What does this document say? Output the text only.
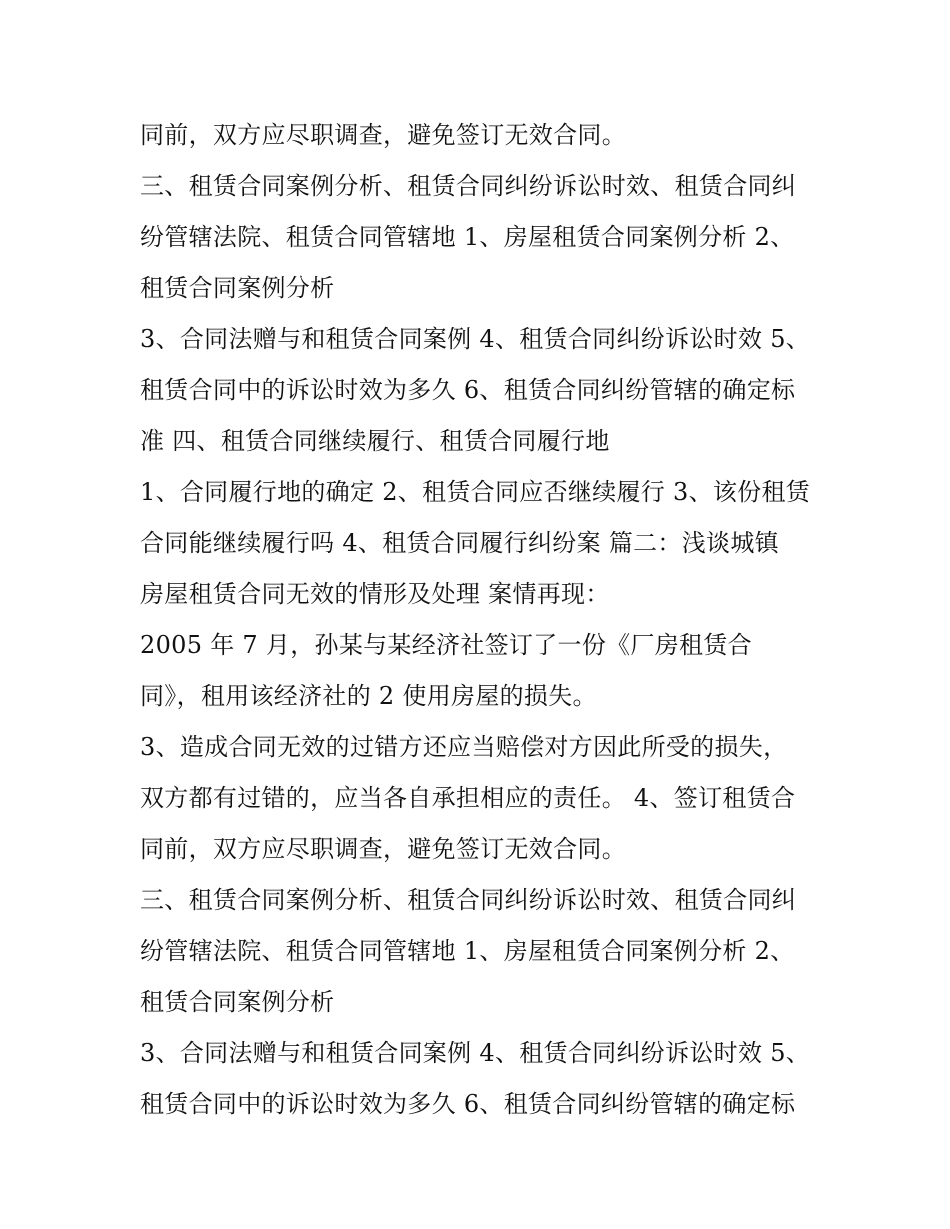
同前，双方应尽职调查，避免签订无效合同。
三、租赁合同案例分析、租赁合同纠纷诉讼时效、租赁合同纠
纷管辖法院、租赁合同管辖地 1、房屋租赁合同案例分析 2、
租赁合同案例分析
3、合同法赠与和租赁合同案例 4、租赁合同纠纷诉讼时效 5、
租赁合同中的诉讼时效为多久 6、租赁合同纠纷管辖的确定标
准 四、租赁合同继续履行、租赁合同履行地
1、合同履行地的确定 2、租赁合同应否继续履行 3、该份租赁
合同能继续履行吗 4、租赁合同履行纠纷案 篇二：浅谈城镇
房屋租赁合同无效的情形及处理 案情再现：
2005 年 7 月，孙某与某经济社签订了一份《厂房租赁合
同》，租用该经济社的 2 使用房屋的损失。
3、造成合同无效的过错方还应当赔偿对方因此所受的损失，
双方都有过错的，应当各自承担相应的责任。 4、签订租赁合
同前，双方应尽职调查，避免签订无效合同。
三、租赁合同案例分析、租赁合同纠纷诉讼时效、租赁合同纠
纷管辖法院、租赁合同管辖地 1、房屋租赁合同案例分析 2、
租赁合同案例分析
3、合同法赠与和租赁合同案例 4、租赁合同纠纷诉讼时效 5、
租赁合同中的诉讼时效为多久 6、租赁合同纠纷管辖的确定标
